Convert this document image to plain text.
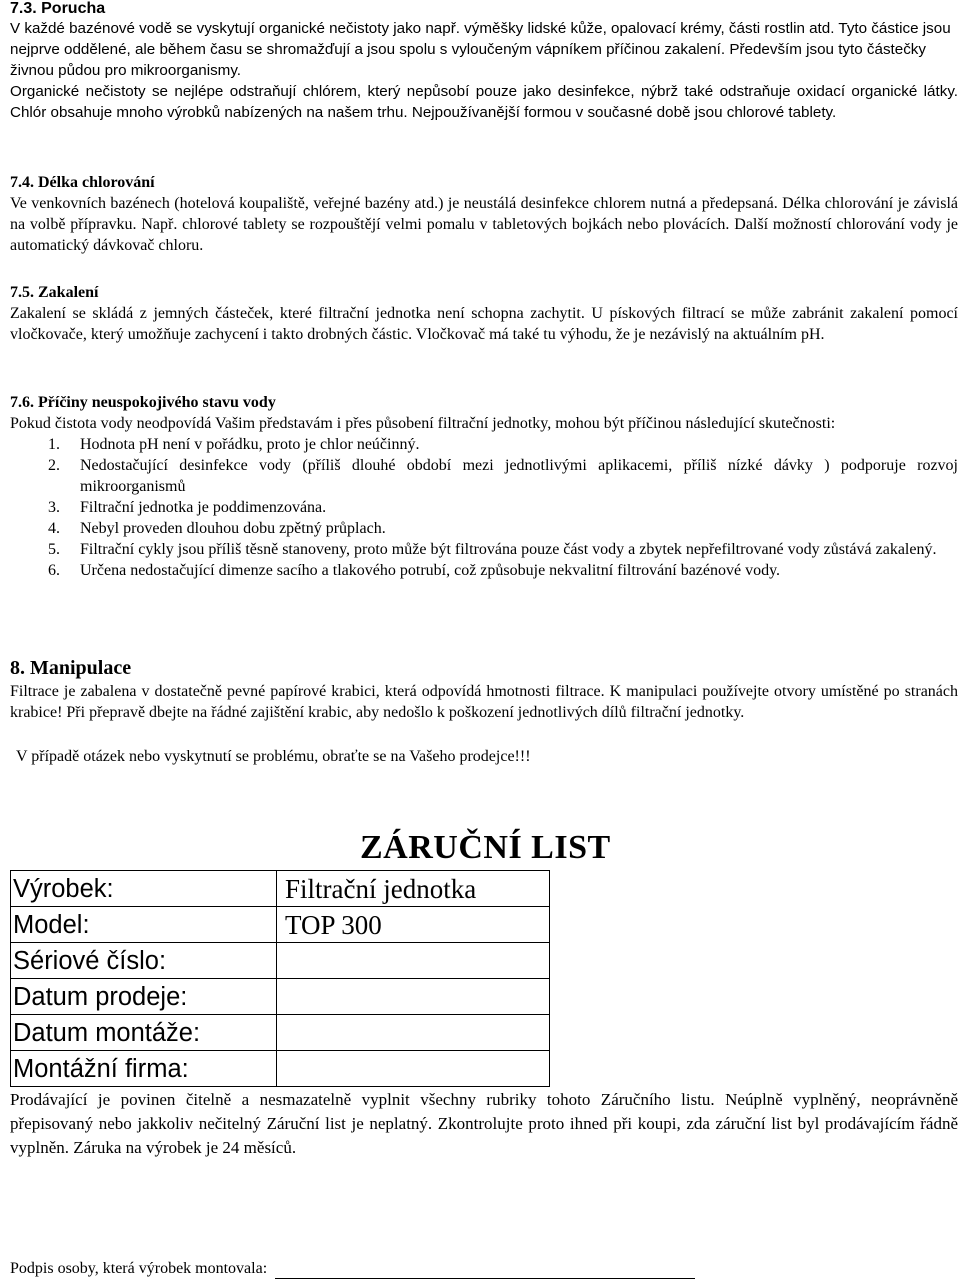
7.3. Porucha

V každé bazénové vodě se vyskytují organické nečistoty jako např. výměšky lidské kůže, opalovací krémy, části rostlin atd. Tyto částice jsou nejprve oddělené, ale během času se shromažďují a jsou spolu s vyloučeným vápníkem příčinou zakalení. Především jsou tyto částečky živnou půdou pro mikroorganismy.

Organické nečistoty se nejlépe odstraňují chlórem, který nepůsobí pouze jako desinfekce, nýbrž také odstraňuje oxidací organické látky. Chlór obsahuje mnoho výrobků nabízených na našem trhu. Nejpoužívanější formou v současné době jsou chlorové tablety.

7.4. Délka chlorování

Ve venkovních bazénech (hotelová koupaliště, veřejné bazény atd.) je neustálá desinfekce chlorem nutná a předepsaná. Délka chlorování je závislá na volbě přípravku. Např. chlorové tablety se rozpouštějí velmi pomalu v tabletových bojkách nebo plovácích. Další možností chlorování vody je automatický dávkovač chloru.

7.5. Zakalení

Zakalení se skládá z jemných částeček, které filtrační jednotka není schopna zachytit. U pískových filtrací se může zabránit zakalení pomocí vločkovače, který umožňuje zachycení i takto drobných částic. Vločkovač má také tu výhodu, že je nezávislý na aktuálním pH.

7.6. Příčiny neuspokojivého stavu vody

Pokud čistota vody neodpovídá Vašim představám i přes působení filtrační jednotky, mohou být příčinou následující skutečnosti:

1. Hodnota pH není v pořádku, proto je chlor neúčinný.
2. Nedostačující desinfekce vody (příliš dlouhé období mezi jednotlivými aplikacemi, příliš nízké dávky ) podporuje rozvoj mikroorganismů
3. Filtrační jednotka je poddimenzována.
4. Nebyl proveden dlouhou dobu zpětný průplach.
5. Filtrační cykly jsou příliš těsně stanoveny, proto může být filtrována pouze část vody a zbytek nepřefiltrované vody zůstává zakalený.
6. Určena nedostačující dimenze sacího a tlakového potrubí, což způsobuje nekvalitní filtrování bazénové vody.
8. Manipulace

Filtrace je zabalena v dostatečně pevné papírové krabici, která odpovídá hmotnosti filtrace. K manipulaci používejte otvory umístěné po stranách krabice! Při přepravě dbejte na řádné zajištění krabic, aby nedošlo k poškození jednotlivých dílů filtrační jednotky.

V případě otázek nebo vyskytnutí se problému, obraťte se na Vašeho prodejce!!!

ZÁRUČNÍ LIST
Výrobek:	Filtrační jednotka
Model:	TOP 300
Sériové číslo:	
Datum prodeje:	
Datum montáže:	
Montážní firma:	

Prodávající je povinen čitelně a nesmazatelně vyplnit všechny rubriky tohoto Záručního listu. Neúplně vyplněný, neoprávněně přepisovaný nebo jakkoliv nečitelný Záruční list je neplatný. Zkontrolujte proto ihned při koupi, zda záruční list byl prodávajícím řádně vyplněn. Záruka na výrobek je 24 měsíců.

Podpis osoby, která výrobek montovala:
